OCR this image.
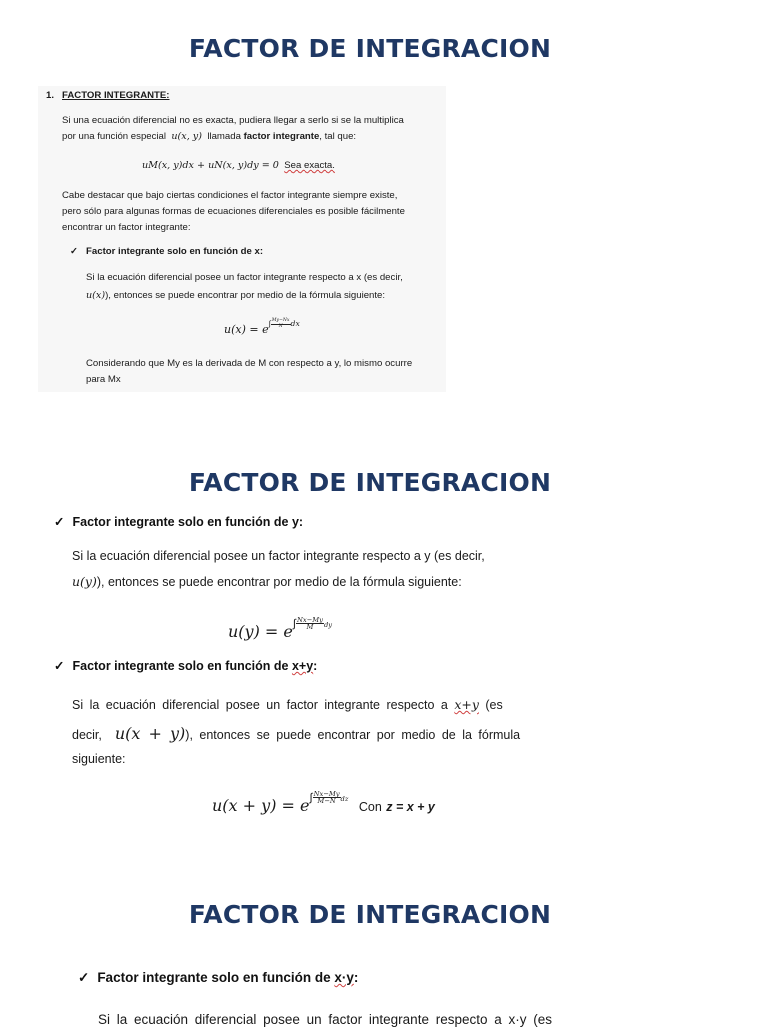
FACTOR DE INTEGRACION
1. FACTOR INTEGRANTE:
Si una ecuación diferencial no es exacta, pudiera llegar a serlo si se la multiplica
por una función especial u(x, y) llamada factor integrante, tal que:
uM(x, y)dx + uN(x, y)dy = 0 Sea exacta.
Cabe destacar que bajo ciertas condiciones el factor integrante siempre existe,
pero sólo para algunas formas de ecuaciones diferenciales es posible fácilmente
encontrar un factor integrante:
✓ Factor integrante solo en función de x:
Si la ecuación diferencial posee un factor integrante respecto a x (es decir,
u(x)), entonces se puede encontrar por medio de la fórmula siguiente:
$u(x) = e\int \frac{My-Nx}{N}$ dx
Considerando que My es la derivada de M con respecto a y, lo mismo ocurre
para Mx
FACTOR DE INTEGRACION
✓ Factor integrante solo en función de y:
Si la ecuación diferencial posee un factor integrante respecto a y (es decir,
u(y)), entonces se puede encontrar por medio de la fórmula siguiente:
$u(y) = e\int \frac{Nx-My}{M}$ dy
✓ Factor integrante solo en función de x+y:
Si la ecuación diferencial posee un factor integrante respecto a x+y (es
decir, u(x + y)), entonces se puede encontrar por medio de la fórmula
siguiente:
$u(x + y) = e\int \frac{Nx-My}{M-N}$ dz Con z = x + y
FACTOR DE INTEGRACION
✓ Factor integrante solo en función de x·y:
Si la ecuación diferencial posee un factor integrante respecto a x·y (es
